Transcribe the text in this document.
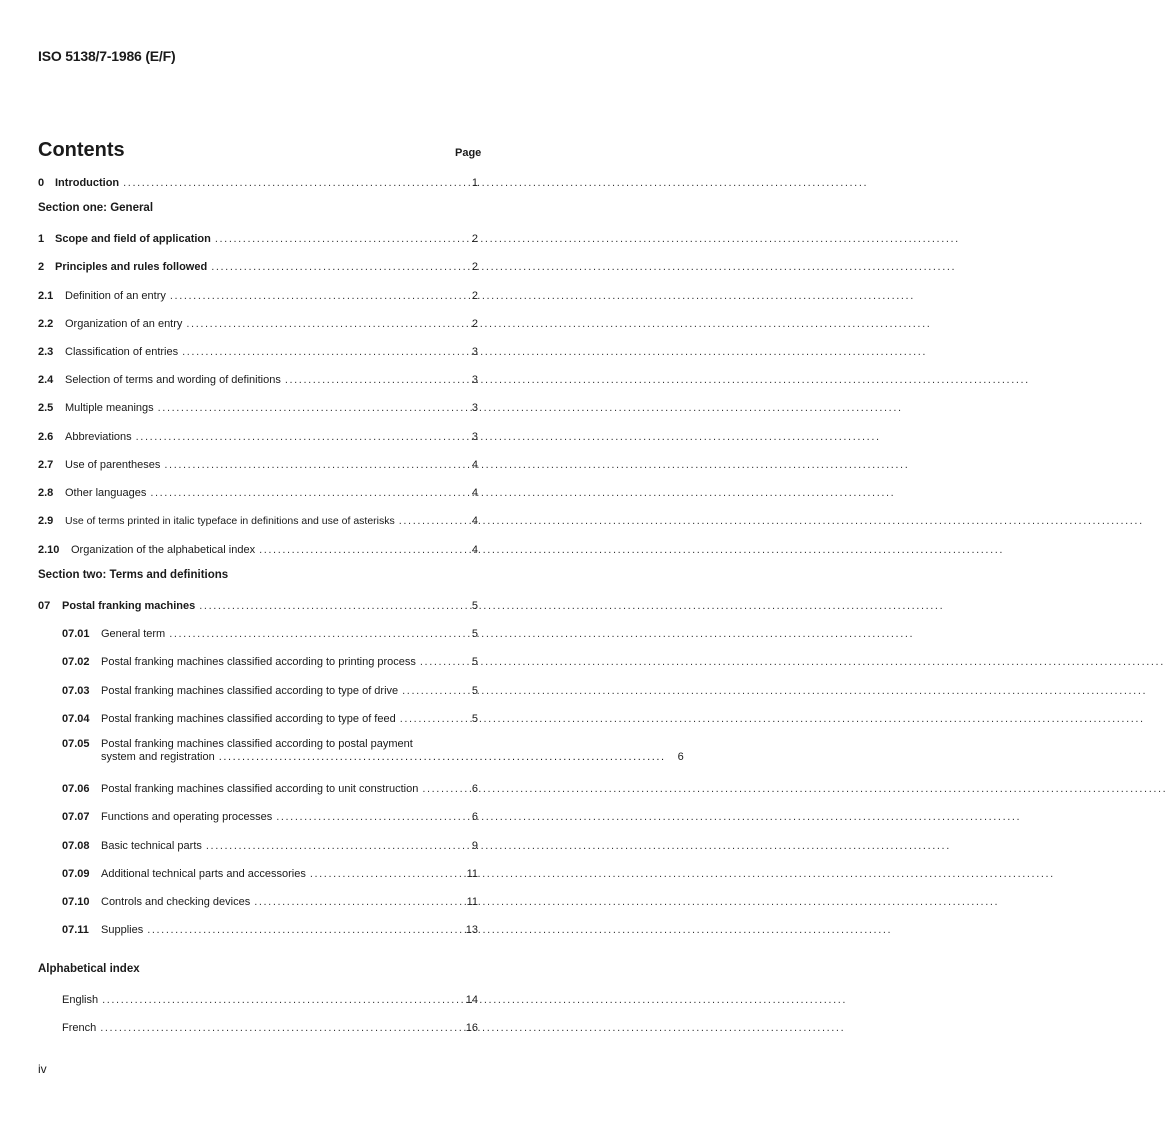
ISO 5138/7-1986 (E/F)
Contents	Page
0 Introduction .....	1
Section one: General
1 Scope and field of application .....	2
2 Principles and rules followed .....	2
2.1	Definition of an entry .....	2
2.2	Organization of an entry .....	2
2.3	Classification of entries .....	3
2.4	Selection of terms and wording of definitions .....	3
2.5	Multiple meanings .....	3
2.6	Abbreviations .....	3
2.7	Use of parentheses .....	4
2.8	Other languages .....	4
2.9	Use of terms printed in italic typeface in definitions and use of asterisks .....	4
2.10	Organization of the alphabetical index .....	4
Section two: Terms and definitions
07	Postal franking machines .....	5
07.01	General term .....	5
07.02	Postal franking machines classified according to printing process .....	5
07.03	Postal franking machines classified according to type of drive .....	5
07.04	Postal franking machines classified according to type of feed .....	5
07.05	Postal franking machines classified according to postal payment
system and registration ................................................................................................	6
07.06	Postal franking machines classified according to unit construction .....	6
07.07	Functions and operating processes .....	6
07.08	Basic technical parts .....	9
07.09	Additional technical parts and accessories .....	11
07.10	Controls and checking devices .....	11
07.11	Supplies .....	13
Alphabetical index
English .....	14
French .....	16
iv
